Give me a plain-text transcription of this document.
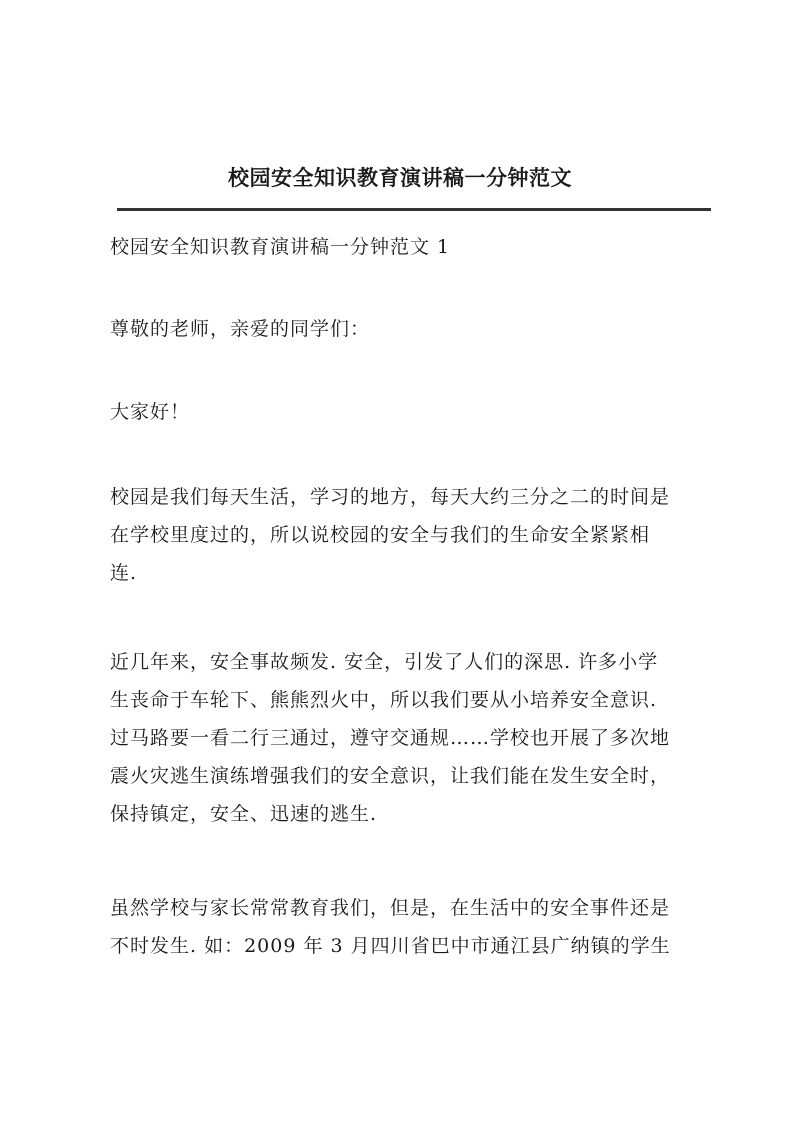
校园安全知识教育演讲稿一分钟范文

校园安全知识教育演讲稿一分钟范文 1

尊敬的老师，亲爱的同学们：

大家好！

校园是我们每天生活，学习的地方，每天大约三分之二的时间是
在学校里度过的，所以说校园的安全与我们的生命安全紧紧相
连.
近几年来，安全事故频发. 安全，引发了人们的深思. 许多小学
生丧命于车轮下、熊熊烈火中，所以我们要从小培养安全意识.
过马路要一看二行三通过，遵守交通规……学校也开展了多次地
震火灾逃生演练增强我们的安全意识，让我们能在发生安全时，
保持镇定，安全、迅速的逃生.
虽然学校与家长常常教育我们，但是，在生活中的安全事件还是
不时发生. 如：2009 年 3 月四川省巴中市通江县广纳镇的学生
